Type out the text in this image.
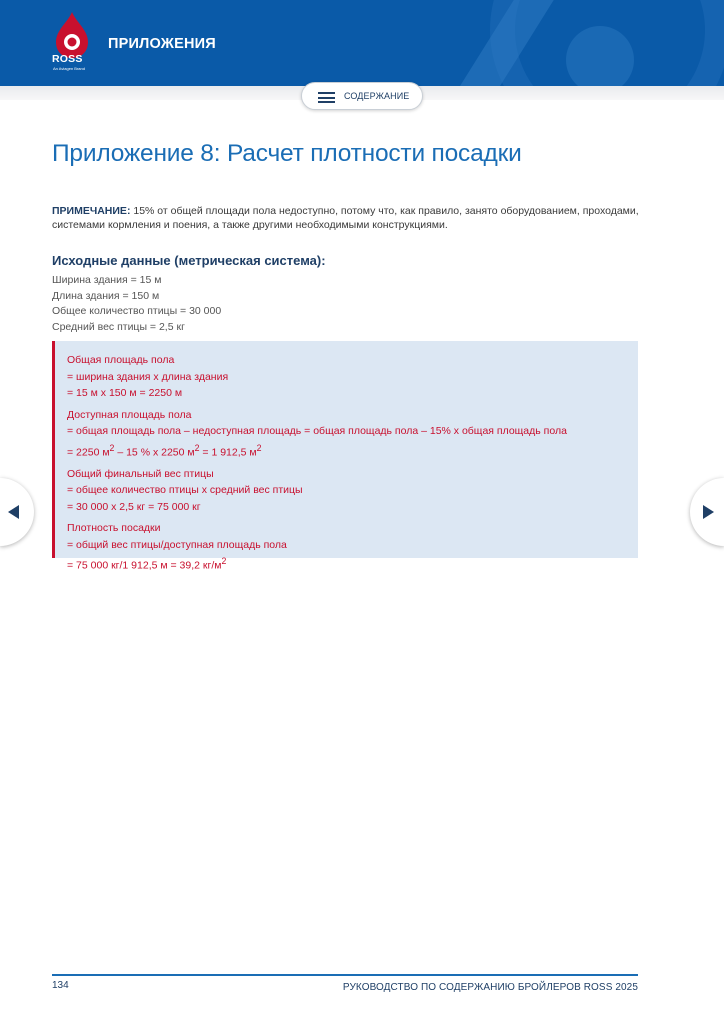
ROSS
An Aviagen Brand
ПРИЛОЖЕНИЯ
СОДЕРЖАНИЕ
Приложение 8: Расчет плотности посадки
ПРИМЕЧАНИЕ: 15% от общей площади пола недоступно, потому что, как правило, занято оборудованием, проходами,
системами кормления и поения, а также другими необходимыми конструкциями.
Исходные данные (метрическая система):
Ширина здания = 15 м
Длина здания = 150 м
Общее количество птицы = 30 000
Средний вес птицы = 2,5 кг
Общая площадь пола
= ширина здания х длина здания
= 15 м х 150 м = 2250 м
Доступная площадь пола
= общая площадь пола – недоступная площадь = общая площадь пола – 15% х общая площадь пола
= 2250 $м^2 - 15$ % х 2250 $м^2 = 1$ 912,5 $м^2$
Общий финальный вес птицы
= общее количество птицы х средний вес птицы
= 30 000 х 2,5 кг = 75 000 кг
Плотность посадки
= общий вес птицы/доступная площадь пола
= 75 000 кг/1 912,5 м = 39,2 $кг/м^2$
134	РУКОВОДСТВО ПО СОДЕРЖАНИЮ БРОЙЛЕРОВ ROSS 2025
